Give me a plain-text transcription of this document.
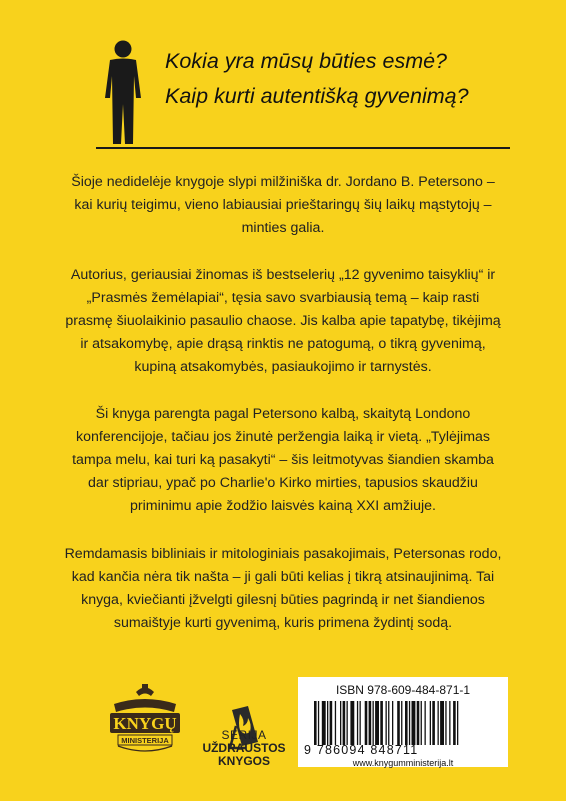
Kokia yra mūsų būties esmė?
Kaip kurti autentišką gyvenimą?
Šioje nedidelėje knygoje slypi milžiniška dr. Jordano B. Petersono –
kai kurių teigimu, vieno labiausiai prieštaringų šių laikų mąstytojų –
minties galia.
Autorius, geriausiai žinomas iš bestselerių „12 gyvenimo taisyklių“ ir
„Prasmės žemėlapiai“, tęsia savo svarbiausią temą – kaip rasti
prasmę šiuolaikinio pasaulio chaose. Jis kalba apie tapatybę, tikėjimą
ir atsakomybę, apie drąsą rinktis ne patogumą, o tikrą gyvenimą,
kupiną atsakomybės, pasiaukojimo ir tarnystės.
Ši knyga parengta pagal Petersono kalbą, skaitytą Londono
konferencijoje, tačiau jos žinutė peržengia laiką ir vietą. „Tylėjimas
tampa melu, kai turi ką pasakyti“ – šis leitmotyvas šiandien skamba
dar stipriau, ypač po Charlie'o Kirko mirties, tapusios skaudžiu
priminimu apie žodžio laisvės kainą XXI amžiuje.
Remdamasis bibliniais ir mitologiniais pasakojimais, Petersonas rodo,
kad kančia nėra tik našta – ji gali būti kelias į tikrą atsinaujinimą. Tai
knyga, kviečianti įžvelgti gilesnį būties pagrindą ir net šiandienos
sumaištyje kurti gyvenimą, kuris primena žydintį sodą.
KNYGŲ
MINISTERIJA	SERIJA
UŽDRAUSTOS
KNYGOS
ISBN 978-609-484-871-1
9 786094 848711
www.knygumministerija.lt
